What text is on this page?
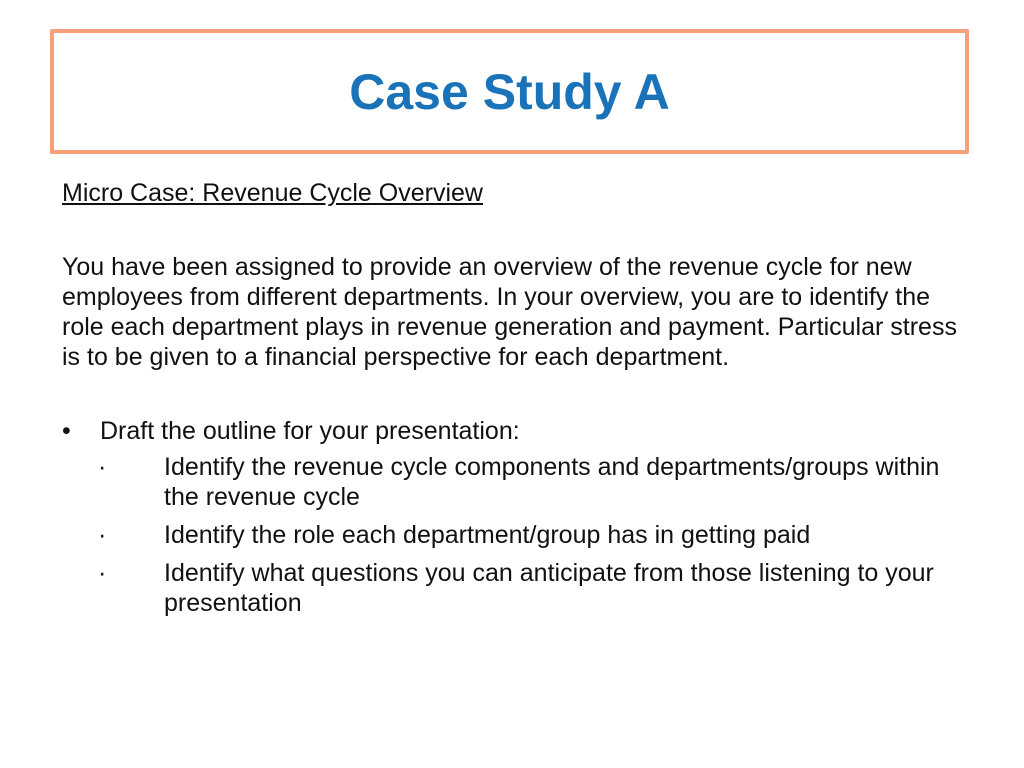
Case Study A

Micro Case: Revenue Cycle Overview

You have been assigned to provide an overview of the revenue cycle for new employees from different departments. In your overview, you are to identify the role each department plays in revenue generation and payment. Particular stress is to be given to a financial perspective for each department.

•	Draft the outline for your presentation:
·	Identify the revenue cycle components and departments/groups within the revenue cycle
·	Identify the role each department/group has in getting paid
·	Identify what questions you can anticipate from those listening to your presentation
